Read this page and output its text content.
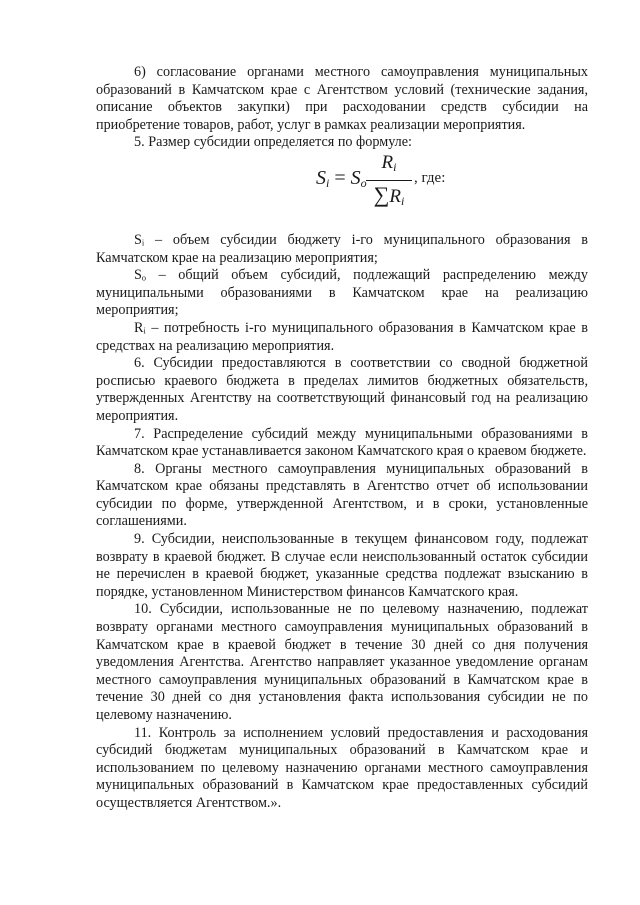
6) согласование органами местного самоуправления муниципальных образований в Камчатском крае с Агентством условий (технические задания, описание объектов закупки) при расходовании средств субсидии на приобретение товаров, работ, услуг в рамках реализации мероприятия.

5. Размер субсидии определяется по формуле:

$S_i = S_o \frac{R_i}{\sum R_i}$ , где:

Sᵢ – объем субсидии бюджету i-го муниципального образования в Камчатском крае на реализацию мероприятия;

Sₒ – общий объем субсидий, подлежащий распределению между муниципальными образованиями в Камчатском крае на реализацию мероприятия;

Rᵢ – потребность i-го муниципального образования в Камчатском крае в средствах на реализацию мероприятия.

6. Субсидии предоставляются в соответствии со сводной бюджетной росписью краевого бюджета в пределах лимитов бюджетных обязательств, утвержденных Агентству на соответствующий финансовый год на реализацию мероприятия.

7. Распределение субсидий между муниципальными образованиями в Камчатском крае устанавливается законом Камчатского края о краевом бюджете.

8. Органы местного самоуправления муниципальных образований в Камчатском крае обязаны представлять в Агентство отчет об использовании субсидии по форме, утвержденной Агентством, и в сроки, установленные соглашениями.

9. Субсидии, неиспользованные в текущем финансовом году, подлежат возврату в краевой бюджет. В случае если неиспользованный остаток субсидии не перечислен в краевой бюджет, указанные средства подлежат взысканию в порядке, установленном Министерством финансов Камчатского края.

10. Субсидии, использованные не по целевому назначению, подлежат возврату органами местного самоуправления муниципальных образований в Камчатском крае в краевой бюджет в течение 30 дней со дня получения уведомления Агентства. Агентство направляет указанное уведомление органам местного самоуправления муниципальных образований в Камчатском крае в течение 30 дней со дня установления факта использования субсидии не по целевому назначению.

11. Контроль за исполнением условий предоставления и расходования субсидий бюджетам муниципальных образований в Камчатском крае и использованием по целевому назначению органами местного самоуправления муниципальных образований в Камчатском крае предоставленных субсидий осуществляется Агентством.».
